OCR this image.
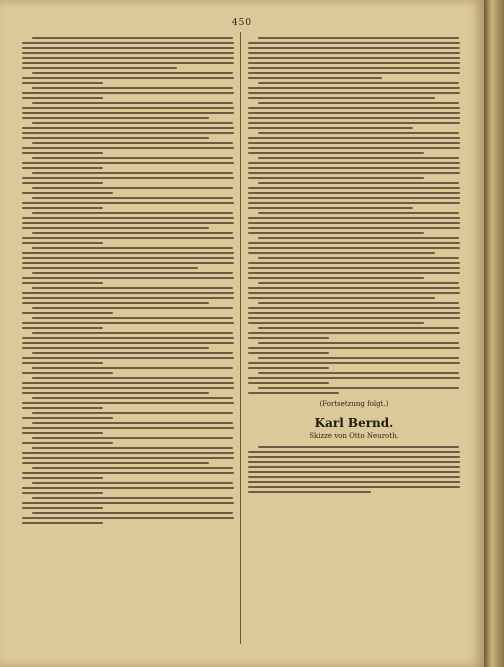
450
(Fortsetzung folgt.)
Karl Bernd.
Skizze von Otto Neuroth.
